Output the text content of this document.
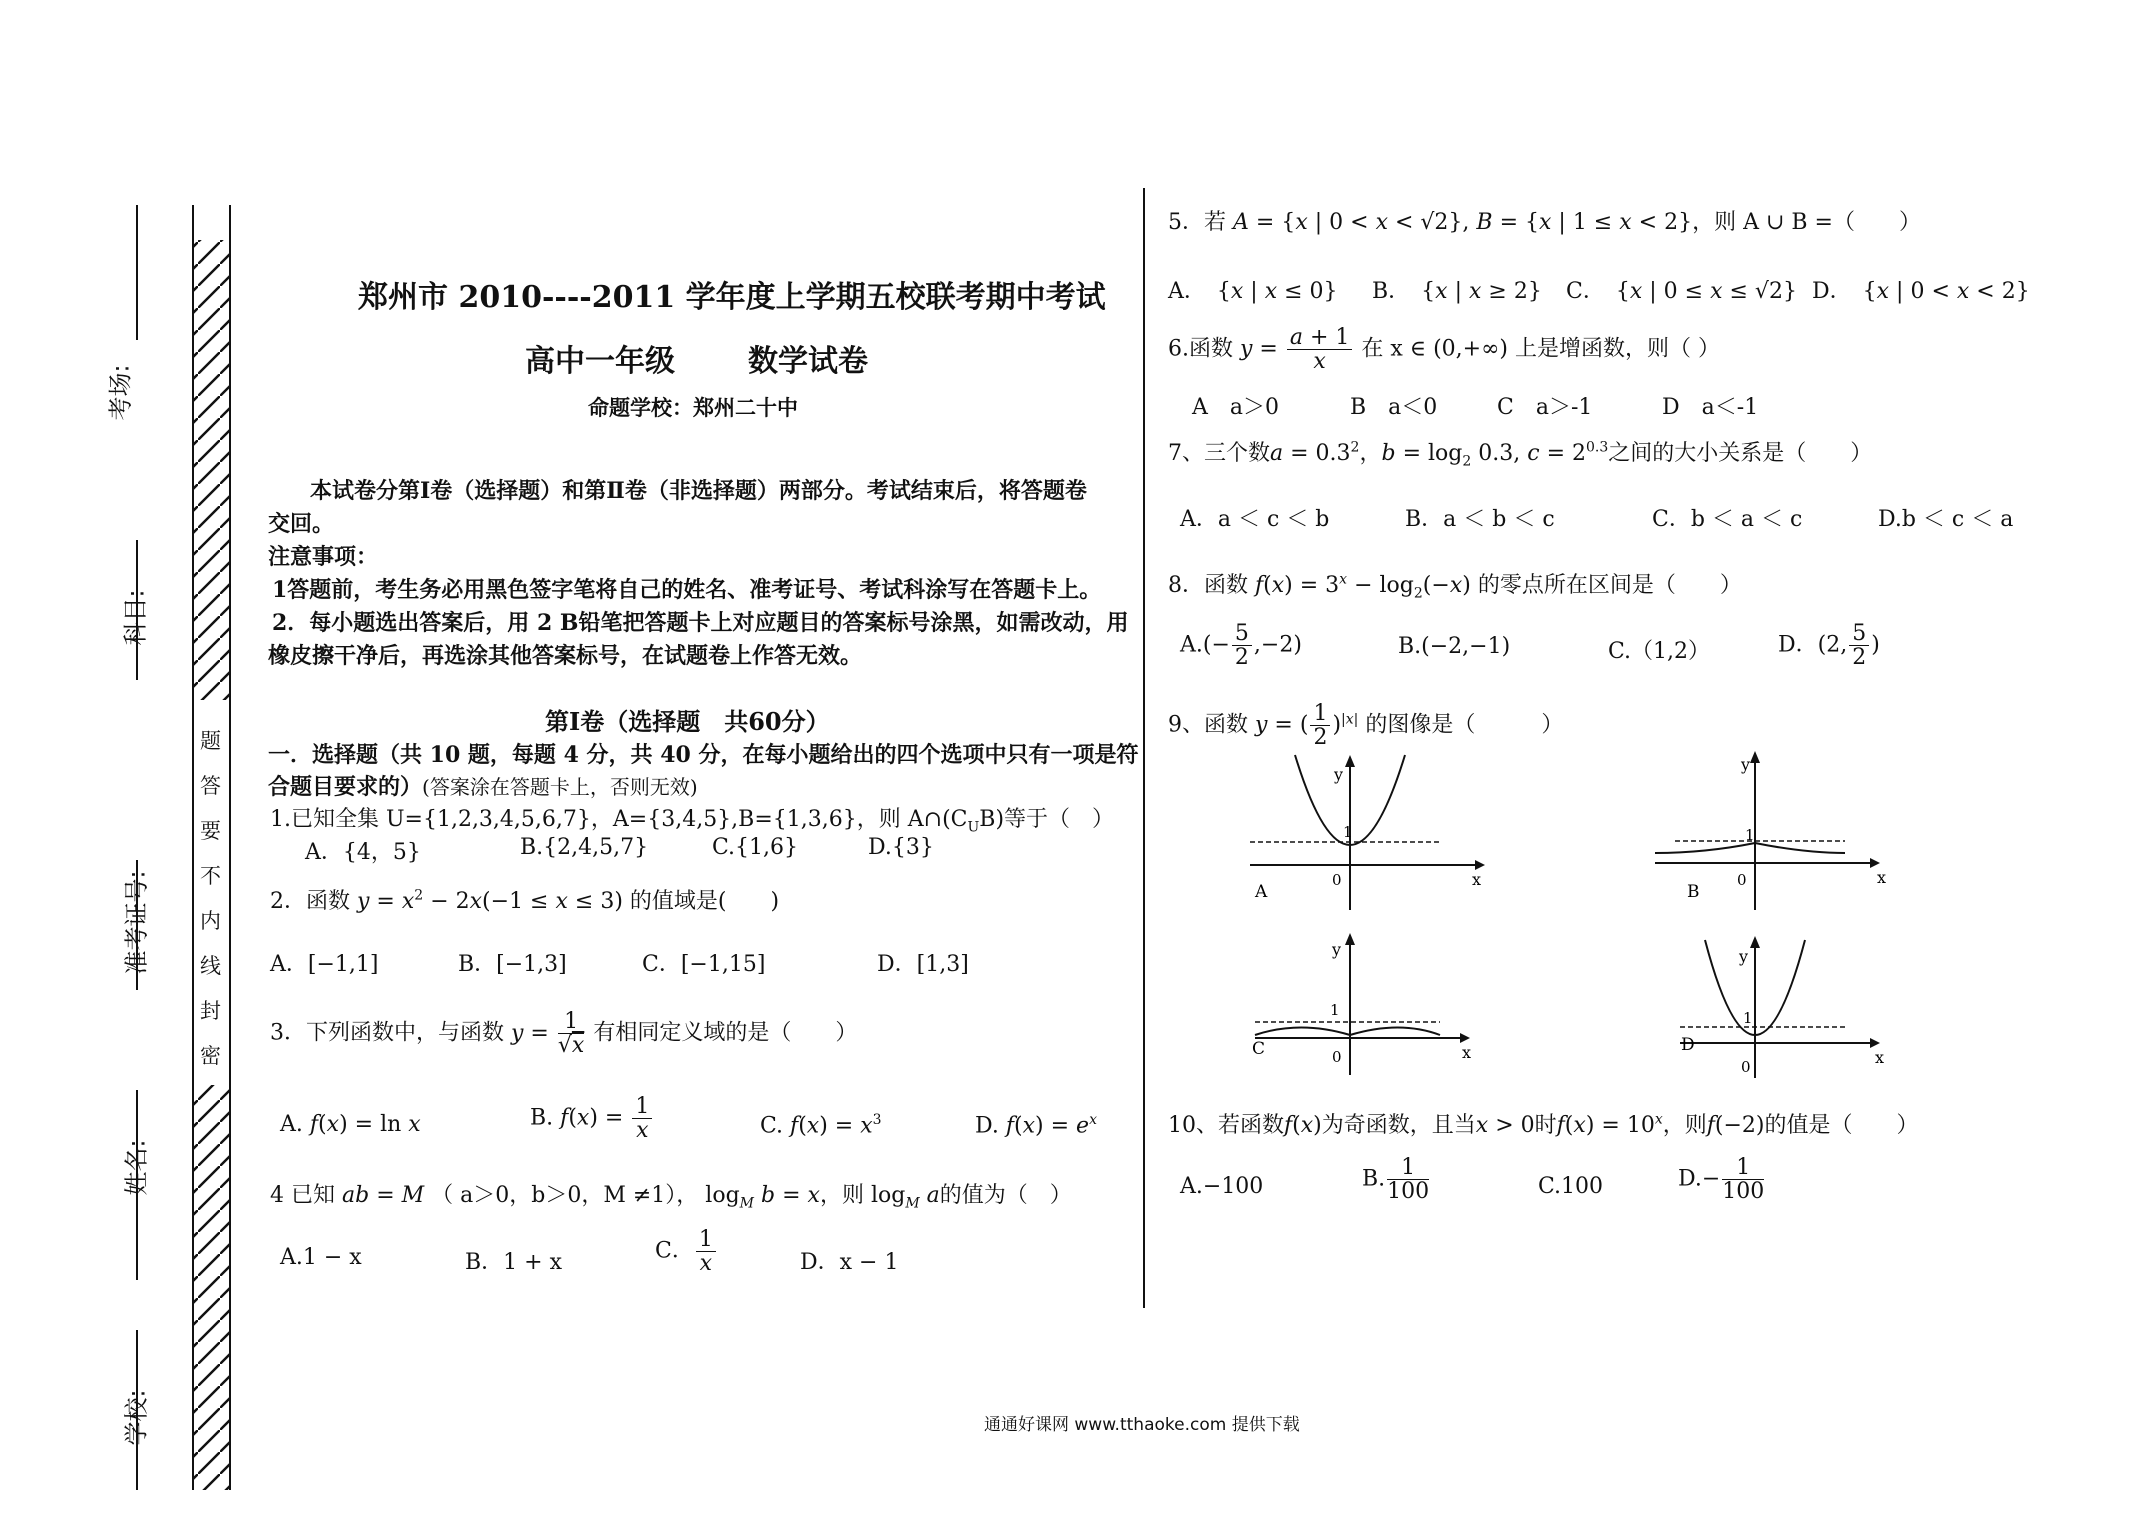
考场:
科目:
准考证号:
姓名:
学校:
题
答
要
不
内
线
封
密
郑州市 2010----2011 学年度上学期五校联考期中考试
高中一年级 数学试卷
命题学校：郑州二十中
本试卷分第Ⅰ卷（选择题）和第Ⅱ卷（非选择题）两部分。考试结束后，将答题卷
交回。
注意事项：
1答题前，考生务必用黑色签字笔将自己的姓名、准考证号、考试科涂写在答题卡上。
2．每小题选出答案后，用 2 B铅笔把答题卡上对应题目的答案标号涂黑，如需改动，用
橡皮擦干净后，再选涂其他答案标号，在试题卷上作答无效。
第Ⅰ卷（选择题　共60分）
一．选择题（共 10 题，每题 4 分，共 40 分，在每小题给出的四个选项中只有一项是符
合题目要求的）(答案涂在答题卡上，否则无效)
1.已知全集 U={1,2,3,4,5,6,7}，A={3,4,5},B={1,3,6}，则 $A\cap(C_UB)$等于（　）
A．{4，5}	B.{2,4,5,7}	C.{1,6}	D.{3}
2．函数 $y = x^2 - 2x(-1 \le x \le 3)$ 的值域是(　　)
A．[−1,1]	B．[−1,3]	C．[−1,15]	D．[1,3]
3．下列函数中，与函数 $y = \frac{1}{√x}$ 有相同定义域的是（　　）
A. f(x) = ln x	B. $f(x) = \frac{1}{x}$	C. $f(x) = x^3$	D. $f(x) = e^x$
4 已知 ab = M （ a＞0，b＞0，M ≠1）， $\log_M b = x$，则 $\log_M a$的值为（　）
A.1 − x	B．1 + x	C． $\frac{1}{x}$	D．x − 1
5．若 A = {x | 0 < x < √2}, B = {x | 1 ≤ x < 2}，则 A ∪ B =（　　）
A．　{x | x ≤ 0} B．　{x | x ≥ 2} C．　{x | 0 ≤ x ≤ √2} D．　{x | 0 < x < 2}
6.函数 $y = \frac{a + 1}{x}$ 在 x ∈ (0,+∞) 上是增函数，则（ ）
A　a＞0	B　a＜0	C　a＞-1	D　a＜-1
7、三个数$a = 0.3^2$，$b = \log_2 0.3$, $c = 2^{0.3}$之间的大小关系是（　　）
A．a ＜ c ＜ b	B．a ＜ b ＜ c	C．b ＜ a ＜ c	D.b ＜ c ＜ a
8．函数 $f(x) = 3^x - \log_2(-x)$ 的零点所在区间是（　　）
$A.(- \frac{5}{2} ,-2)$	B.(−2,−1)	C.（1,2）	D．(2, $\frac{5}{2}$ )
9、函数 y = ( $\frac{1}{2} )^{|x|}$ 的图像是（　　　）
1
0	x
y
A
1
0	x
y
B
1
0	x
y
C
1
0	x
y
D
10、若函数f(x)为奇函数，且当x > 0时$f(x) = 10^x$，则f(−2)的值是（　　）
A.−100	B. $\frac{1}{100}$	C.100	$D.- \frac{1}{100}$
通通好课网 www.tthaoke.com 提供下载
